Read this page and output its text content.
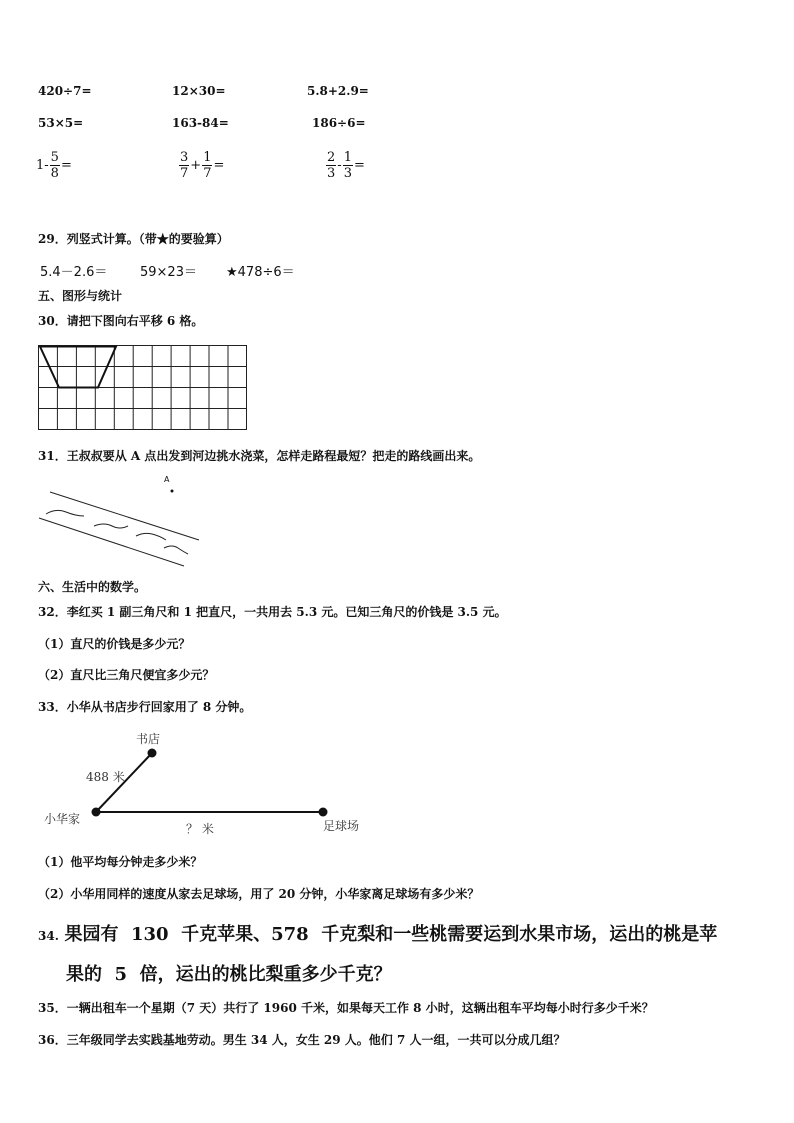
420÷7=	12×30=	5.8+2.9=
53×5=	163-84=	186÷6=
$1- \frac{5}{8}$ =	$\frac{3}{7} + \frac{1}{7}$ =	$\frac{2}{3} - \frac{1}{3}$ =
29．列竖式计算。（带★的要验算）
5.4－2.6＝	59×23＝ ★478÷6＝
五、图形与统计
30．请把下图向右平移 6 格。
31．王叔叔要从 A 点出发到河边挑水浇菜，怎样走路程最短？把走的路线画出来。
A
六、生活中的数学。
32．李红买 1 副三角尺和 1 把直尺，一共用去 5.3 元。已知三角尺的价钱是 3.5 元。
（1）直尺的价钱是多少元？
（2）直尺比三角尺便宜多少元？
33．小华从书店步行回家用了 8 分钟。
书店
488 米
小华家
？ 米	足球场
（1）他平均每分钟走多少米？
（2）小华用同样的速度从家去足球场，用了 20 分钟，小华家离足球场有多少米？
34. 果园有  130  千克苹果、578  千克梨和一些桃需要运到水果市场，运出的桃是苹
果的  5  倍，运出的桃比梨重多少千克？
35．一辆出租车一个星期（7 天）共行了 1960 千米，如果每天工作 8 小时，这辆出租车平均每小时行多少千米？
36．三年级同学去实践基地劳动。男生 34 人，女生 29 人。他们 7 人一组，一共可以分成几组？
